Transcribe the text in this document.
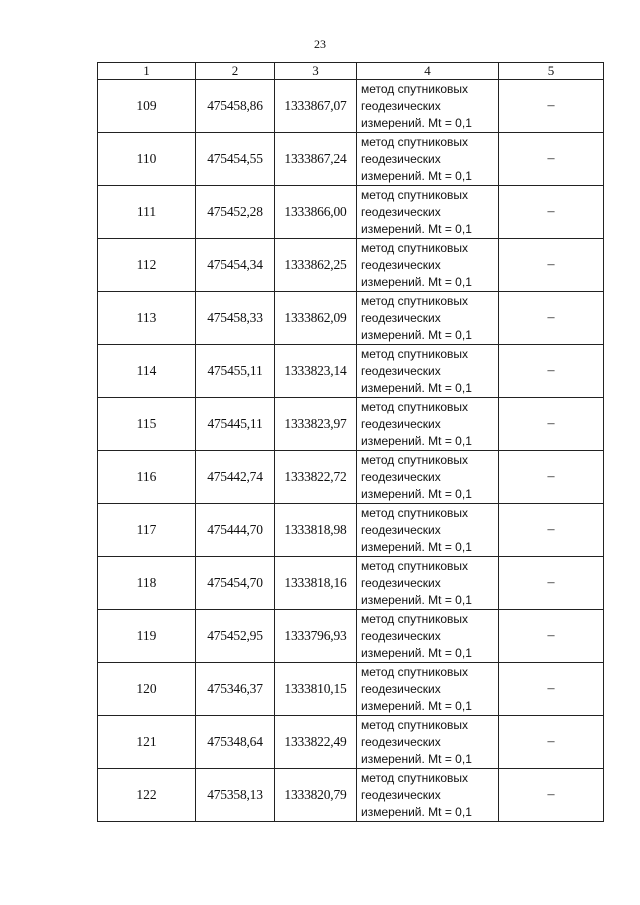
23
1	2	3	4	5
109	475458,86	1333867,07	метод спутниковых
геодезических
измерений. Mt = 0,1	–
110	475454,55	1333867,24	метод спутниковых
геодезических
измерений. Mt = 0,1	–
111	475452,28	1333866,00	метод спутниковых
геодезических
измерений. Mt = 0,1	–
112	475454,34	1333862,25	метод спутниковых
геодезических
измерений. Mt = 0,1	–
113	475458,33	1333862,09	метод спутниковых
геодезических
измерений. Mt = 0,1	–
114	475455,11	1333823,14	метод спутниковых
геодезических
измерений. Mt = 0,1	–
115	475445,11	1333823,97	метод спутниковых
геодезических
измерений. Mt = 0,1	–
116	475442,74	1333822,72	метод спутниковых
геодезических
измерений. Mt = 0,1	–
117	475444,70	1333818,98	метод спутниковых
геодезических
измерений. Mt = 0,1	–
118	475454,70	1333818,16	метод спутниковых
геодезических
измерений. Mt = 0,1	–
119	475452,95	1333796,93	метод спутниковых
геодезических
измерений. Mt = 0,1	–
120	475346,37	1333810,15	метод спутниковых
геодезических
измерений. Mt = 0,1	–
121	475348,64	1333822,49	метод спутниковых
геодезических
измерений. Mt = 0,1	–
122	475358,13	1333820,79	метод спутниковых
геодезических
измерений. Mt = 0,1	–
